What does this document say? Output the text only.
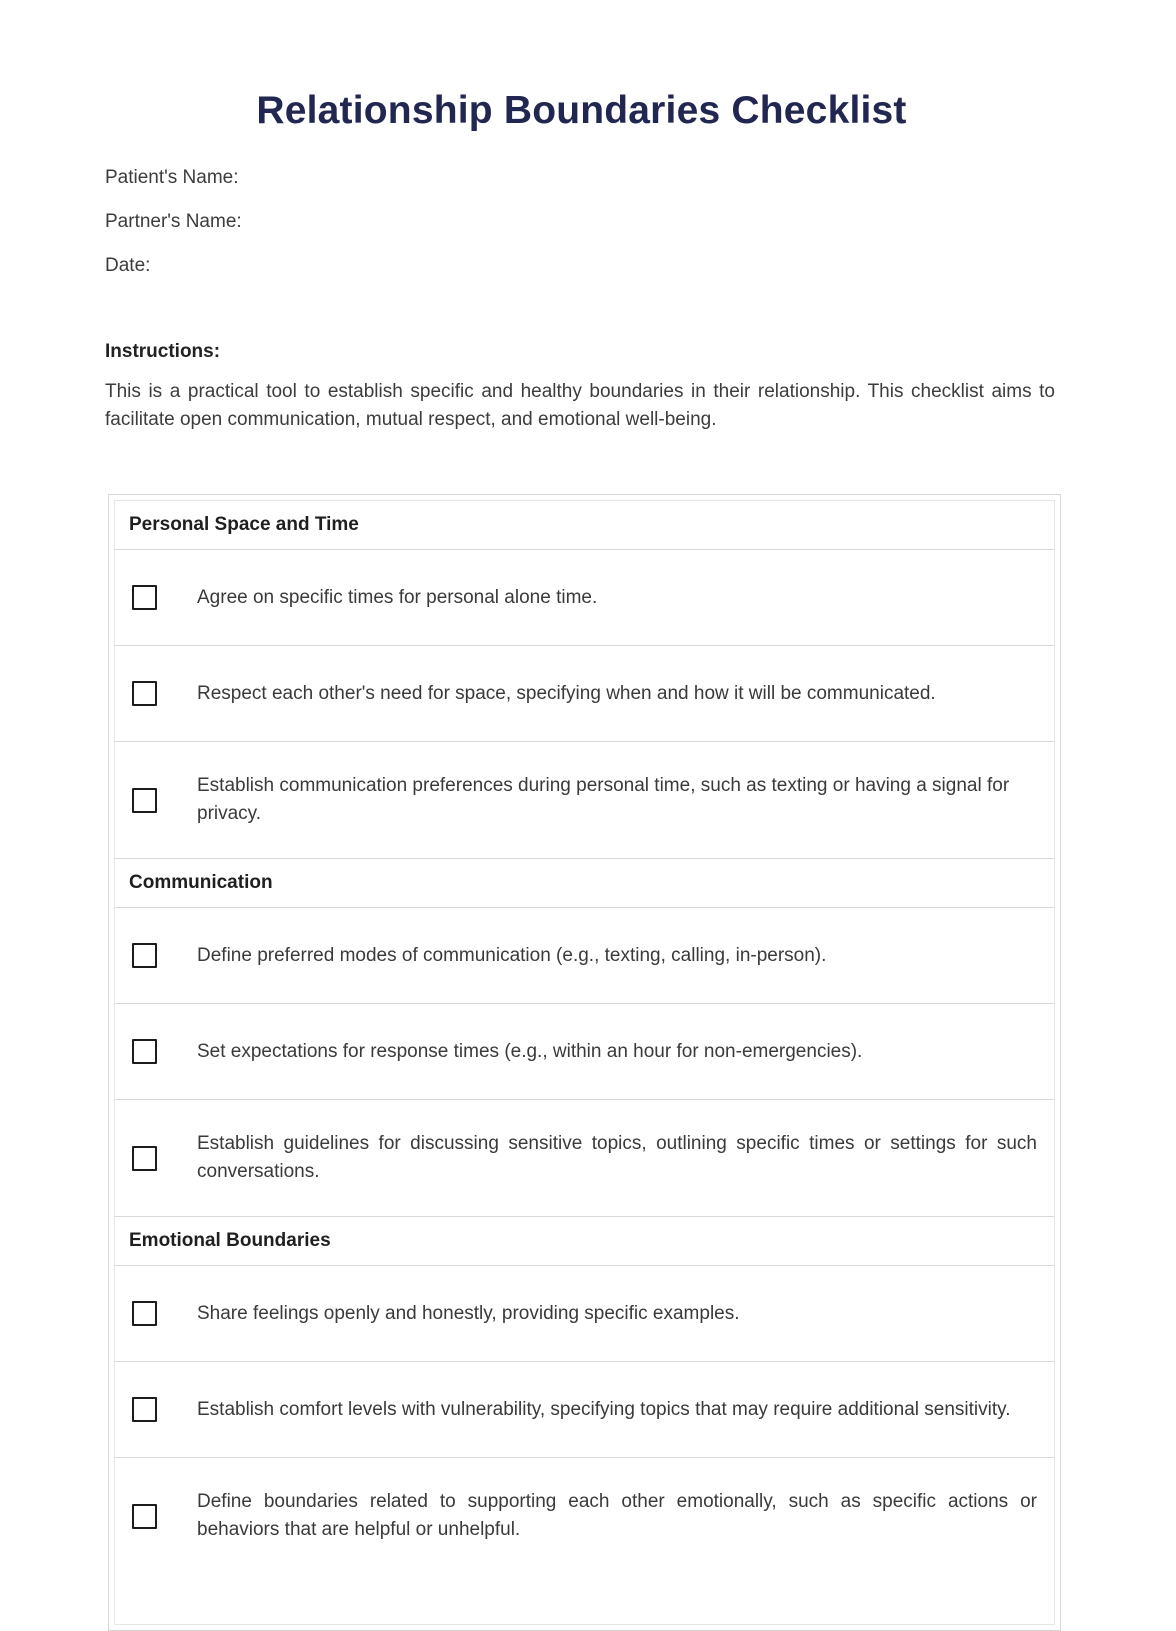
Relationship Boundaries Checklist

Patient's Name:

Partner's Name:

Date:

Instructions:

This is a practical tool to establish specific and healthy boundaries in their relationship. This checklist aims to facilitate open communication, mutual respect, and emotional well-being.

Personal Space and Time
Agree on specific times for personal alone time.
Respect each other's need for space, specifying when and how it will be communicated.
Establish communication preferences during personal time, such as texting or having a signal for privacy.
Communication
Define preferred modes of communication (e.g., texting, calling, in-person).
Set expectations for response times (e.g., within an hour for non-emergencies).
Establish guidelines for discussing sensitive topics, outlining specific times or settings for such conversations.
Emotional Boundaries
Share feelings openly and honestly, providing specific examples.
Establish comfort levels with vulnerability, specifying topics that may require additional sensitivity.
Define boundaries related to supporting each other emotionally, such as specific actions or behaviors that are helpful or unhelpful.
